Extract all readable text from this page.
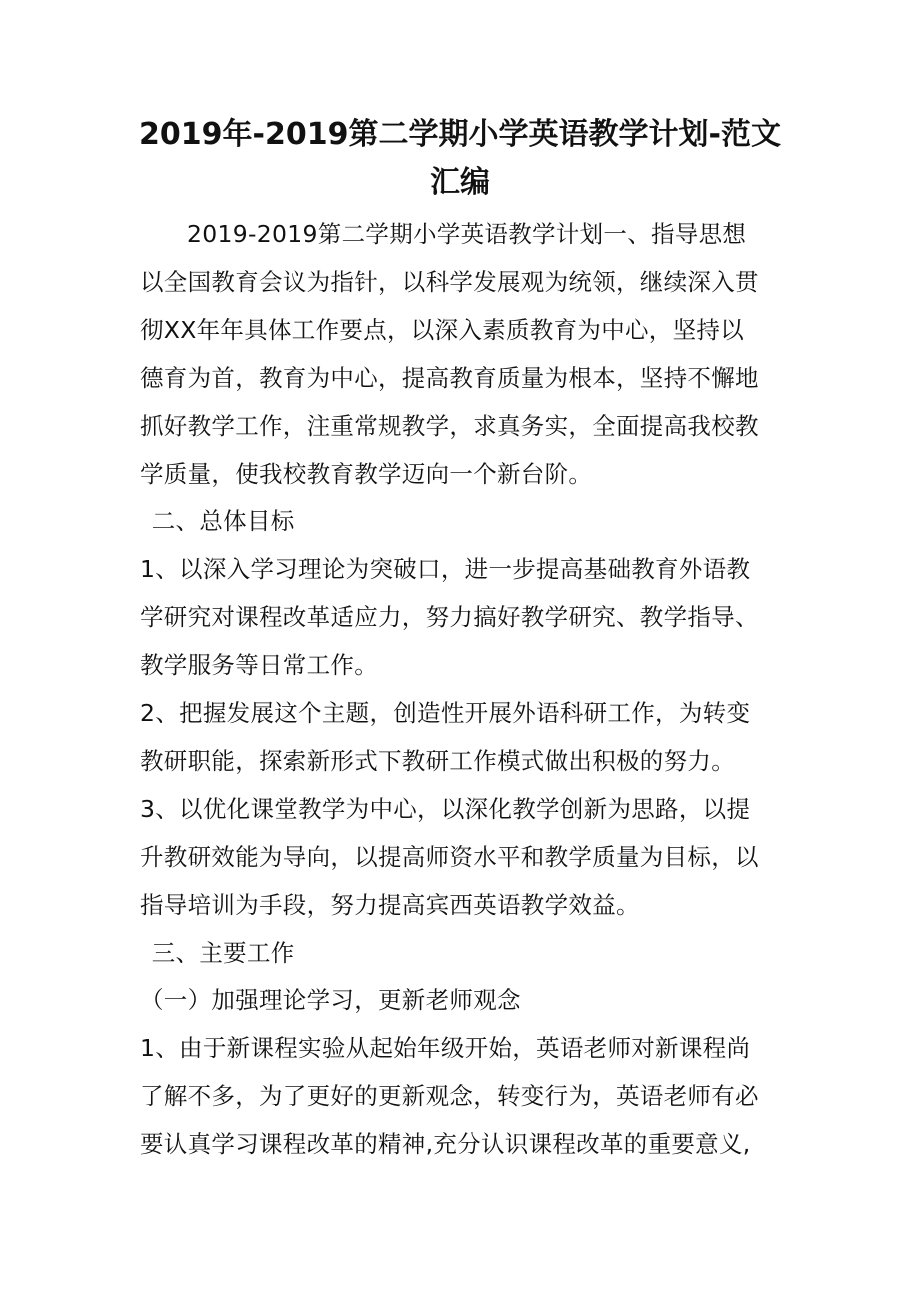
2019年-2019第二学期小学英语教学计划-范文
汇编
2019-2019第二学期小学英语教学计划一、指导思想
以全国教育会议为指针，以科学发展观为统领，继续深入贯
彻XX年年具体工作要点，以深入素质教育为中心，坚持以
德育为首，教育为中心，提高教育质量为根本，坚持不懈地
抓好教学工作，注重常规教学，求真务实，全面提高我校教
学质量，使我校教育教学迈向一个新台阶。
二、总体目标
1、以深入学习理论为突破口，进一步提高基础教育外语教
学研究对课程改革适应力，努力搞好教学研究、教学指导、
教学服务等日常工作。
2、把握发展这个主题，创造性开展外语科研工作，为转变
教研职能，探索新形式下教研工作模式做出积极的努力。
3、以优化课堂教学为中心，以深化教学创新为思路，以提
升教研效能为导向，以提高师资水平和教学质量为目标，以
指导培训为手段，努力提高宾西英语教学效益。
三、主要工作
（一）加强理论学习，更新老师观念
1、由于新课程实验从起始年级开始，英语老师对新课程尚
了解不多，为了更好的更新观念，转变行为，英语老师有必
要认真学习课程改革的精神,充分认识课程改革的重要意义,
